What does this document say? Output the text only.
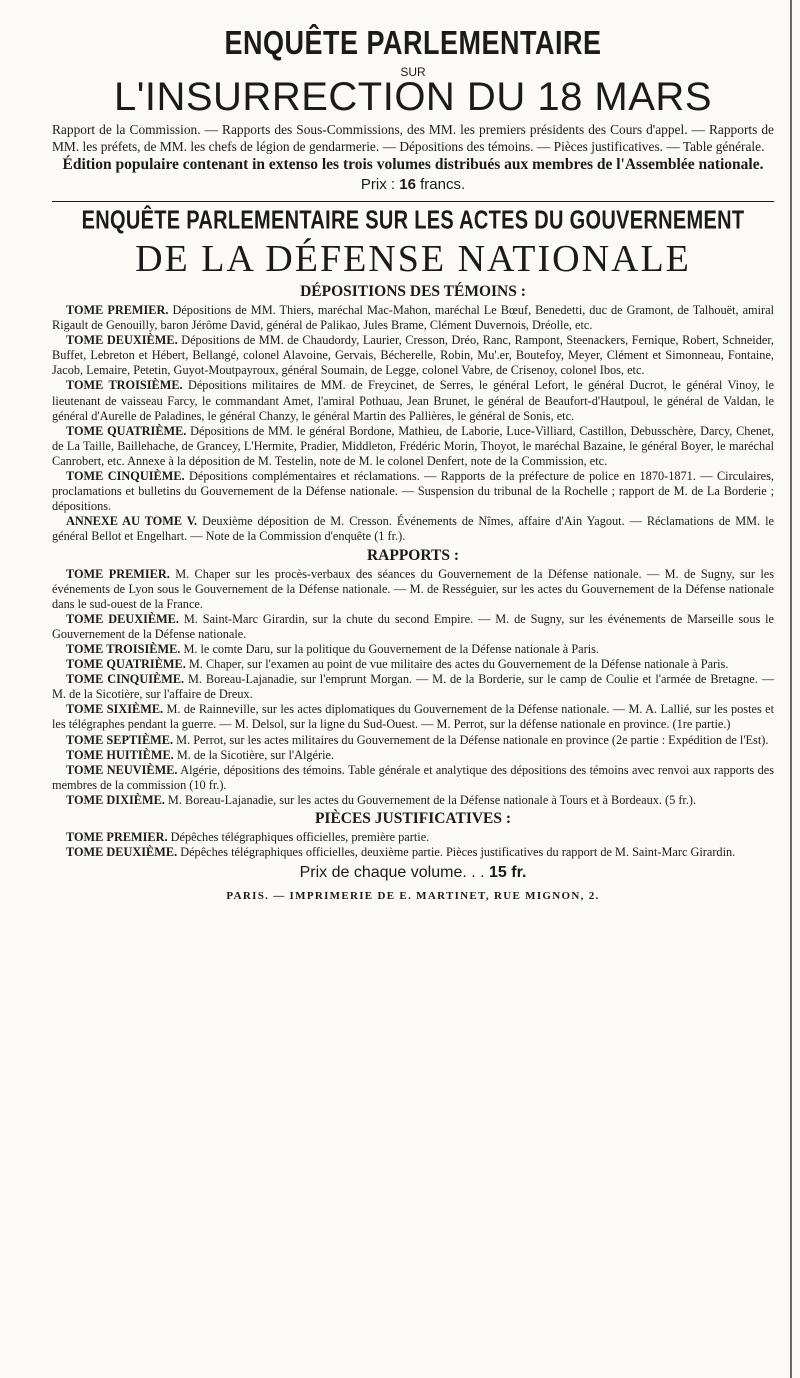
ENQUÊTE PARLEMENTAIRE
SUR
L'INSURRECTION DU 18 MARS

Rapport de la Commission. — Rapports des Sous-Commissions, des MM. les premiers présidents des Cours d'appel. — Rapports de MM. les préfets, de MM. les chefs de légion de gendarmerie. — Dépositions des témoins. — Pièces justificatives. — Table générale.

Édition populaire contenant in extenso les trois volumes distribués aux membres de l'Assemblée nationale.

Prix : 16 francs.
ENQUÊTE PARLEMENTAIRE SUR LES ACTES DU GOUVERNEMENT
DE LA DÉFENSE NATIONALE
DÉPOSITIONS DES TÉMOINS :

TOME PREMIER. Dépositions de MM. Thiers, maréchal Mac-Mahon, maréchal Le Bœuf, Benedetti, duc de Gramont, de Talhouët, amiral Rigault de Genouilly, baron Jérôme David, général de Palikao, Jules Brame, Clément Duvernois, Dréolle, etc.

TOME DEUXIÈME. Dépositions de MM. de Chaudordy, Laurier, Cresson, Dréo, Ranc, Rampont, Steenackers, Fernique, Robert, Schneider, Buffet, Lebreton et Hébert, Bellangé, colonel Alavoine, Gervais, Bécherelle, Robin, Mu'.er, Boutefoy, Meyer, Clément et Simonneau, Fontaine, Jacob, Lemaire, Petetin, Guyot-Moutpayroux, général Soumain, de Legge, colonel Vabre, de Crisenoy, colonel Ibos, etc.

TOME TROISIÈME. Dépositions militaires de MM. de Freycinet, de Serres, le général Lefort, le général Ducrot, le général Vinoy, le lieutenant de vaisseau Farcy, le commandant Amet, l'amiral Pothuau, Jean Brunet, le général de Beaufort-d'Hautpoul, le général de Valdan, le général d'Aurelle de Paladines, le général Chanzy, le général Martin des Pallières, le général de Sonis, etc.

TOME QUATRIÈME. Dépositions de MM. le général Bordone, Mathieu, de Laborie, Luce-Villiard, Castillon, Debusschère, Darcy, Chenet, de La Taille, Baillehache, de Grancey, L'Hermite, Pradier, Middleton, Frédéric Morin, Thoyot, le maréchal Bazaine, le général Boyer, le maréchal Canrobert, etc. Annexe à la déposition de M. Testelin, note de M. le colonel Denfert, note de la Commission, etc.

TOME CINQUIÈME. Dépositions complémentaires et réclamations. — Rapports de la préfecture de police en 1870-1871. — Circulaires, proclamations et bulletins du Gouvernement de la Défense nationale. — Suspension du tribunal de la Rochelle ; rapport de M. de La Borderie ; dépositions.

ANNEXE AU TOME V. Deuxième déposition de M. Cresson. Événements de Nîmes, affaire d'Ain Yagout. — Réclamations de MM. le général Bellot et Engelhart. — Note de la Commission d'enquête (1 fr.).

RAPPORTS :

TOME PREMIER. M. Chaper sur les procès-verbaux des séances du Gouvernement de la Défense nationale. — M. de Sugny, sur les événements de Lyon sous le Gouvernement de la Défense nationale. — M. de Rességuier, sur les actes du Gouvernement de la Défense nationale dans le sud-ouest de la France.

TOME DEUXIÈME. M. Saint-Marc Girardin, sur la chute du second Empire. — M. de Sugny, sur les événements de Marseille sous le Gouvernement de la Défense nationale.

TOME TROISIÈME. M. le comte Daru, sur la politique du Gouvernement de la Défense nationale à Paris.

TOME QUATRIÈME. M. Chaper, sur l'examen au point de vue militaire des actes du Gouvernement de la Défense nationale à Paris.

TOME CINQUIÈME. M. Boreau-Lajanadie, sur l'emprunt Morgan. — M. de la Borderie, sur le camp de Coulie et l'armée de Bretagne. — M. de la Sicotière, sur l'affaire de Dreux.

TOME SIXIÈME. M. de Rainneville, sur les actes diplomatiques du Gouvernement de la Défense nationale. — M. A. Lallié, sur les postes et les télégraphes pendant la guerre. — M. Delsol, sur la ligne du Sud-Ouest. — M. Perrot, sur la défense nationale en province. (1re partie.)

TOME SEPTIÈME. M. Perrot, sur les actes militaires du Gouvernement de la Défense nationale en province (2e partie : Expédition de l'Est).

TOME HUITIÈME. M. de la Sicotière, sur l'Algérie.

TOME NEUVIÈME. Algérie, dépositions des témoins. Table générale et analytique des dépositions des témoins avec renvoi aux rapports des membres de la commission (10 fr.).

TOME DIXIÈME. M. Boreau-Lajanadie, sur les actes du Gouvernement de la Défense nationale à Tours et à Bordeaux. (5 fr.).

PIÈCES JUSTIFICATIVES :

TOME PREMIER. Dépêches télégraphiques officielles, première partie.

TOME DEUXIÈME. Dépêches télégraphiques officielles, deuxième partie. Pièces justificatives du rapport de M. Saint-Marc Girardin.

Prix de chaque volume. . . 15 fr.
PARIS. — IMPRIMERIE DE E. MARTINET, RUE MIGNON, 2.
